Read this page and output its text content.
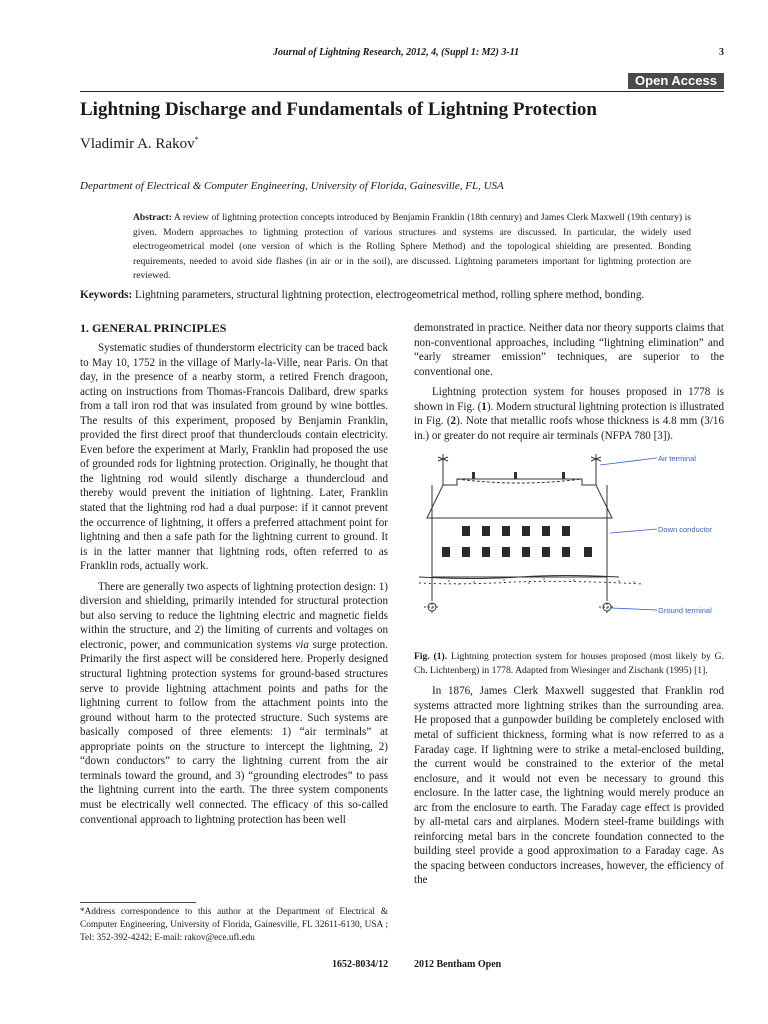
Journal of Lightning Research, 2012, 4, (Suppl 1: M2) 3-11	3
Open Access
Lightning Discharge and Fundamentals of Lightning Protection
Vladimir A. Rakov*
Department of Electrical & Computer Engineering, University of Florida, Gainesville, FL, USA
Abstract: A review of lightning protection concepts introduced by Benjamin Franklin (18th century) and James Clerk Maxwell (19th century) is given. Modern approaches to lightning protection of various structures and systems are discussed. In particular, the widely used electrogeometrical model (one version of which is the Rolling Sphere Method) and the topological shielding are presented. Bonding requirements, needed to avoid side flashes (in air or in the soil), are discussed. Lightning parameters important for lightning protection are reviewed.
Keywords: Lightning parameters, structural lightning protection, electrogeometrical method, rolling sphere method, bonding.
1. GENERAL PRINCIPLES

Systematic studies of thunderstorm electricity can be traced back to May 10, 1752 in the village of Marly-la-Ville, near Paris. On that day, in the presence of a nearby storm, a retired French dragoon, acting on instructions from Thomas-Francois Dalibard, drew sparks from a tall iron rod that was insulated from ground by wine bottles. The results of this experiment, proposed by Benjamin Franklin, provided the first direct proof that thunderclouds contain electricity. Even before the experiment at Marly, Franklin had proposed the use of grounded rods for lightning protection. Originally, he thought that the lightning rod would silently discharge a thundercloud and thereby would prevent the initiation of lightning. Later, Franklin stated that the lightning rod had a dual purpose: if it cannot prevent the occurrence of lightning, it offers a preferred attachment point for lightning and then a safe path for the lightning current to ground. It is in the latter manner that lightning rods, often referred to as Franklin rods, actually work.

There are generally two aspects of lightning protection design: 1) diversion and shielding, primarily intended for structural protection but also serving to reduce the lightning electric and magnetic fields within the structure, and 2) the limiting of currents and voltages on electronic, power, and communication systems via surge protection. Primarily the first aspect will be considered here. Properly designed structural lightning protection systems for ground-based structures serve to provide lightning attachment points and paths for the lightning current to follow from the attachment points into the ground without harm to the protected structure. Such systems are basically composed of three elements: 1) “air terminals” at appropriate points on the structure to intercept the lightning, 2) “down conductors” to carry the lightning current from the air terminals toward the ground, and 3) “grounding electrodes” to pass the lightning current into the earth. The three system components must be electrically well connected. The efficacy of this so-called conventional approach to lightning protection has been well

demonstrated in practice. Neither data nor theory supports claims that non-conventional approaches, including “lightning elimination” and “early streamer emission” techniques, are superior to the conventional one.

Lightning protection system for houses proposed in 1778 is shown in Fig. (1). Modern structural lightning protection is illustrated in Fig. (2). Note that metallic roofs whose thickness is 4.8 mm (3/16 in.) or greater do not require air terminals (NFPA 780 [3]).

Air terminal
Down conductor
Ground terminal

Fig. (1). Lightning protection system for houses proposed (most likely by G. Ch. Lichtenberg) in 1778. Adapted from Wiesinger and Zischank (1995) [1].

In 1876, James Clerk Maxwell suggested that Franklin rod systems attracted more lightning strikes than the surrounding area. He proposed that a gunpowder building be completely enclosed with metal of sufficient thickness, forming what is now referred to as a Faraday cage. If lightning were to strike a metal-enclosed building, the current would be constrained to the exterior of the metal enclosure, and it would not even be necessary to ground this enclosure. In the latter case, the lightning would merely produce an arc from the enclosure to earth. The Faraday cage effect is provided by all-metal cars and airplanes. Modern steel-frame buildings with reinforcing metal bars in the concrete foundation connected to the building steel provide a good approximation to a Faraday cage. As the spacing between conductors increases, however, the efficiency of the

*Address correspondence to this author at the Department of Electrical & Computer Engineering, University of Florida, Gainesville, FL 32611-6130, USA ; Tel: 352-392-4242; E-mail: rakov@ece.ufl.edu
1652-8034/12	2012 Bentham Open
